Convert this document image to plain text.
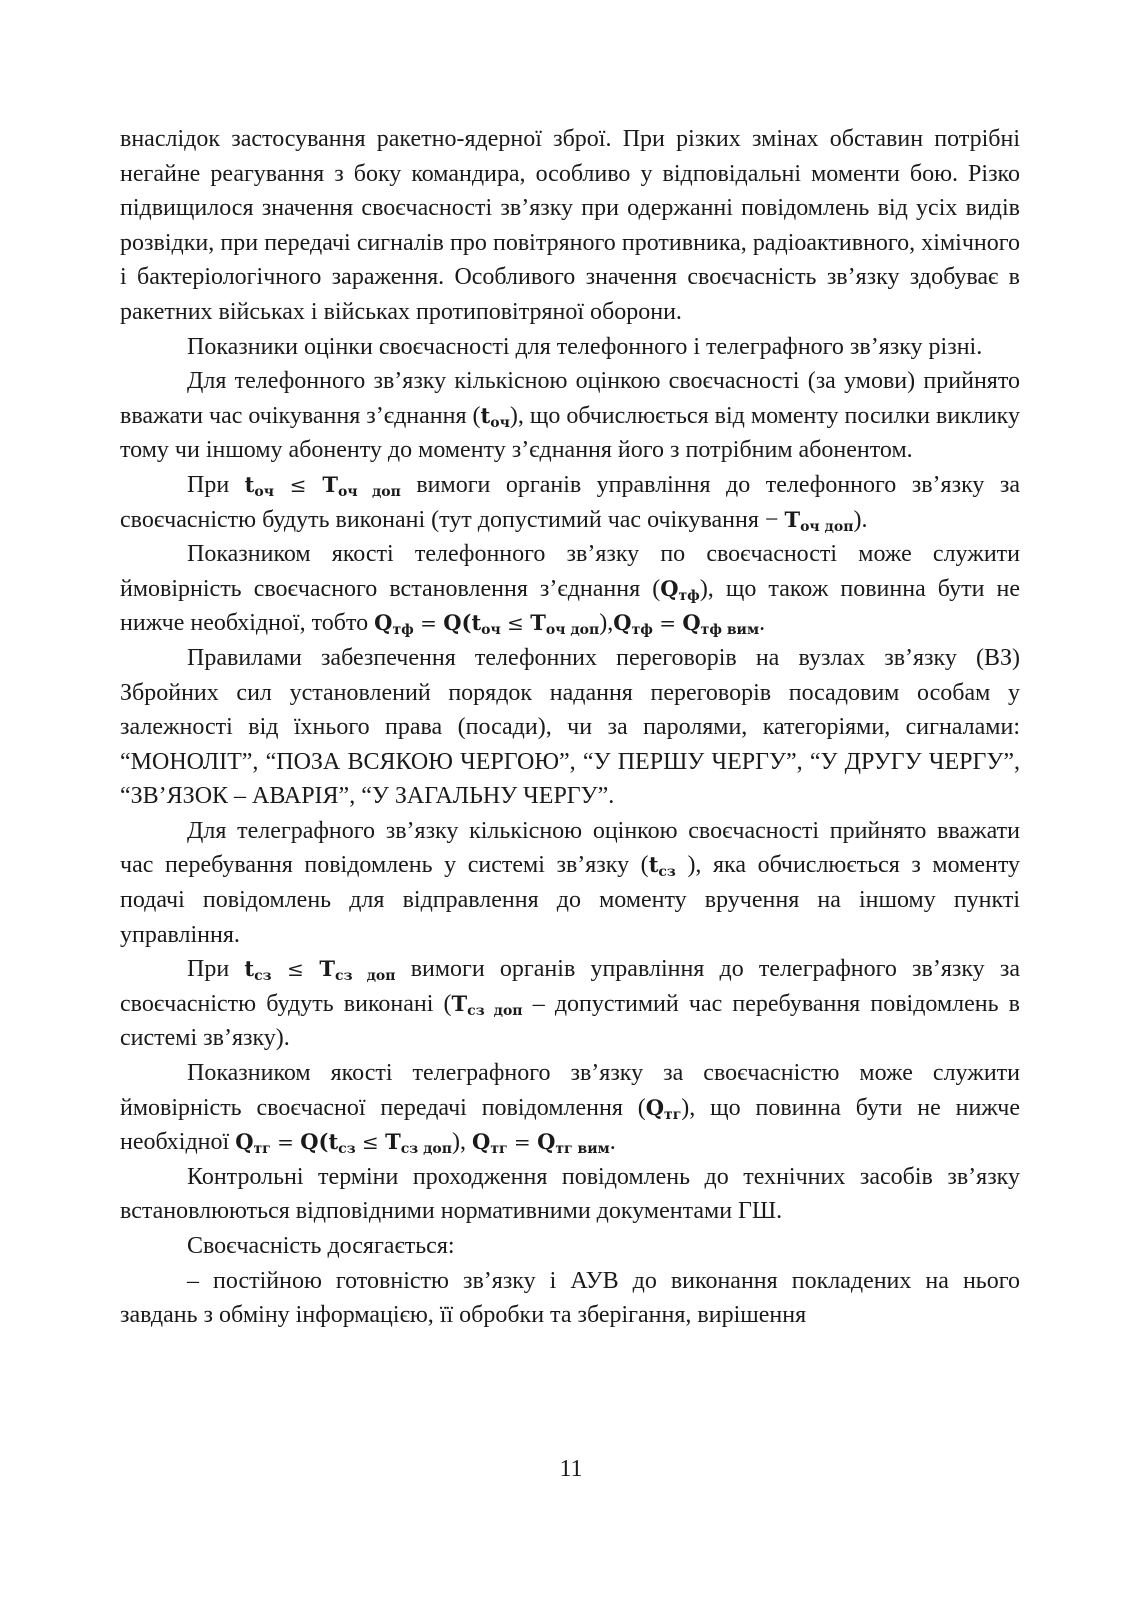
внаслідок застосування ракетно-ядерної зброї. При різких змінах обставин потрібні негайне реагування з боку командира, особливо у відповідальні моменти бою. Різко підвищилося значення своєчасності зв’язку при одержанні повідомлень від усіх видів розвідки, при передачі сигналів про повітряного противника, радіоактивного, хімічного і бактеріологічного зараження. Особливого значення своєчасність зв’язку здобуває в ракетних військах і військах протиповітряної оборони.

Показники оцінки своєчасності для телефонного і телеграфного зв’язку різні.

Для телефонного зв’язку кількісною оцінкою своєчасності (за умови) прийнято вважати час очікування з’єднання $(t_{оч})$, що обчислюється від моменту посилки виклику тому чи іншому абоненту до моменту з’єднання його з потрібним абонентом.

При $t_{оч} \le T_{оч доп}$ вимоги органів управління до телефонного зв’язку за своєчасністю будуть виконані (тут допустимий час очікування − $T_{оч доп}$).

Показником якості телефонного зв’язку по своєчасності може служити ймовірність своєчасного встановлення з’єднання $(Q_{тф})$, що також повинна бути не нижче необхідної, тобто $Q_{тф} = Q(t_{оч} \le T_{оч доп}),Q_{тф} = Q_{тф вим}$.

Правилами забезпечення телефонних переговорів на вузлах зв’язку (ВЗ) Збройних сил установлений порядок надання переговорів посадовим особам у залежності від їхнього права (посади), чи за паролями, категоріями, сигналами: “МОНОЛІТ”, “ПОЗА ВСЯКОЮ ЧЕРГОЮ”, “У ПЕРШУ ЧЕРГУ”, “У ДРУГУ ЧЕРГУ”, “ЗВ’ЯЗОК – АВАРІЯ”, “У ЗАГАЛЬНУ ЧЕРГУ”.

Для телеграфного зв’язку кількісною оцінкою своєчасності прийнято вважати час перебування повідомлень у системі зв’язку ($t_{сз}$ ), яка обчислюється з моменту подачі повідомлень для відправлення до моменту вручення на іншому пункті управління.

При $t_{сз} \le T_{сз доп}$ вимоги органів управління до телеграфного зв’язку за своєчасністю будуть виконані ($T_{сз доп}$ – допустимий час перебування повідомлень в системі зв’язку).

Показником якості телеграфного зв’язку за своєчасністю може служити ймовірність своєчасної передачі повідомлення $(Q_{тг})$, що повинна бути не нижче необхідної $Q_{тг} = Q(t_{сз} \le T_{сз доп})$, $Q_{тг} = Q_{тг вим}$.

Контрольні терміни проходження повідомлень до технічних засобів зв’язку встановлюються відповідними нормативними документами ГШ.

Своєчасність досягається:

– постійною готовністю зв’язку і АУВ до виконання покладених на нього завдань з обміну інформацією, її обробки та зберігання, вирішення

11
